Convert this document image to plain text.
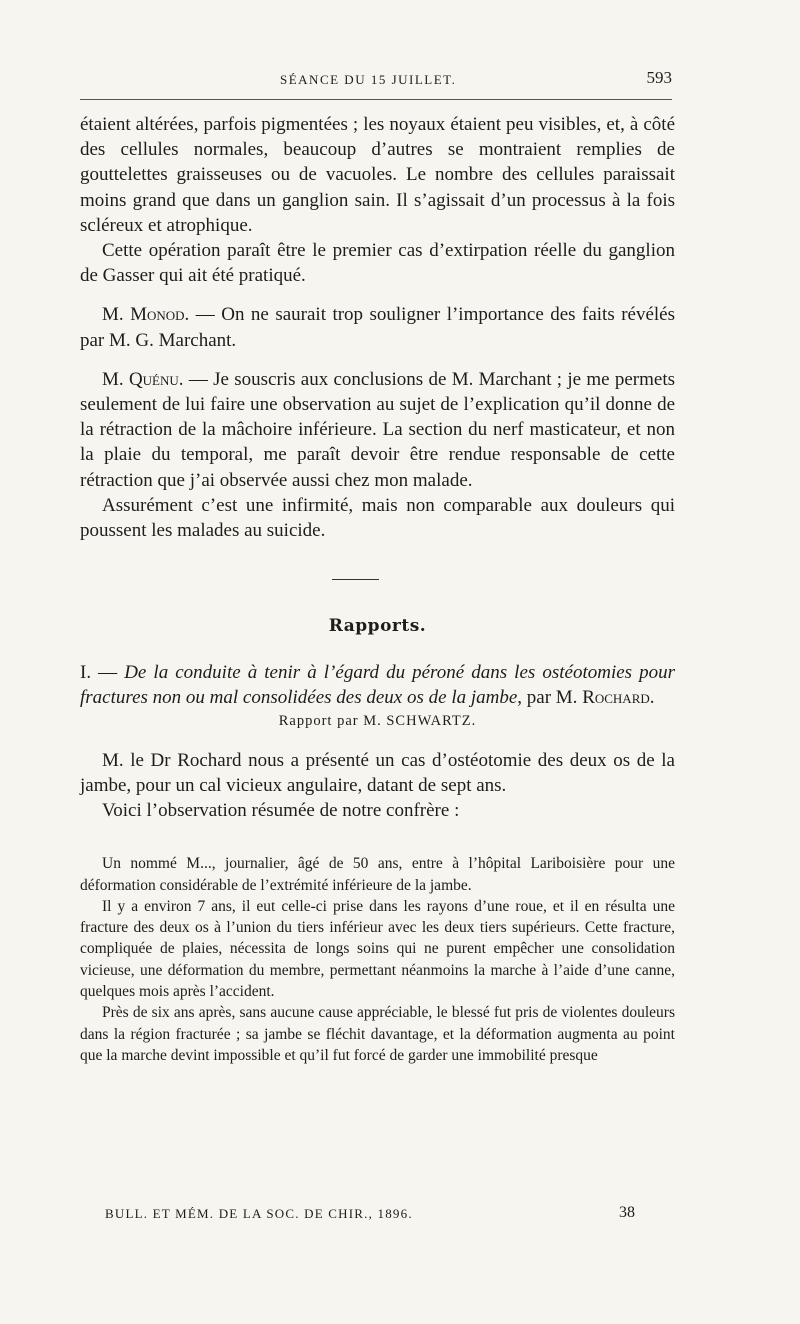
SÉANCE DU 15 JUILLET.	593

étaient altérées, parfois pigmentées ; les noyaux étaient peu visibles, et, à côté des cellules normales, beaucoup d’autres se montraient remplies de gouttelettes graisseuses ou de vacuoles. Le nombre des cellules paraissait moins grand que dans un ganglion sain. Il s’agissait d’un processus à la fois scléreux et atrophique.

Cette opération paraît être le premier cas d’extirpation réelle du ganglion de Gasser qui ait été pratiqué.

M. Monod. — On ne saurait trop souligner l’importance des faits révélés par M. G. Marchant.

M. Quénu. — Je souscris aux conclusions de M. Marchant ; je me permets seulement de lui faire une observation au sujet de l’explication qu’il donne de la rétraction de la mâchoire inférieure. La section du nerf masticateur, et non la plaie du temporal, me paraît devoir être rendue responsable de cette rétraction que j’ai observée aussi chez mon malade.

Assurément c’est une infirmité, mais non comparable aux douleurs qui poussent les malades au suicide.

Rapports.

I. — De la conduite à tenir à l’égard du péroné dans les ostéotomies pour fractures non ou mal consolidées des deux os de la jambe, par M. Rochard.

Rapport par M. SCHWARTZ.

M. le Dr Rochard nous a présenté un cas d’ostéotomie des deux os de la jambe, pour un cal vicieux angulaire, datant de sept ans.

Voici l’observation résumée de notre confrère :

Un nommé M..., journalier, âgé de 50 ans, entre à l’hôpital Lariboisière pour une déformation considérable de l’extrémité inférieure de la jambe.

Il y a environ 7 ans, il eut celle-ci prise dans les rayons d’une roue, et il en résulta une fracture des deux os à l’union du tiers inférieur avec les deux tiers supérieurs. Cette fracture, compliquée de plaies, nécessita de longs soins qui ne purent empêcher une consolidation vicieuse, une déformation du membre, permettant néanmoins la marche à l’aide d’une canne, quelques mois après l’accident.

Près de six ans après, sans aucune cause appréciable, le blessé fut pris de violentes douleurs dans la région fracturée ; sa jambe se fléchit davantage, et la déformation augmenta au point que la marche devint impossible et qu’il fut forcé de garder une immobilité presque

BULL. ET MÉM. DE LA SOC. DE CHIR., 1896.	38
